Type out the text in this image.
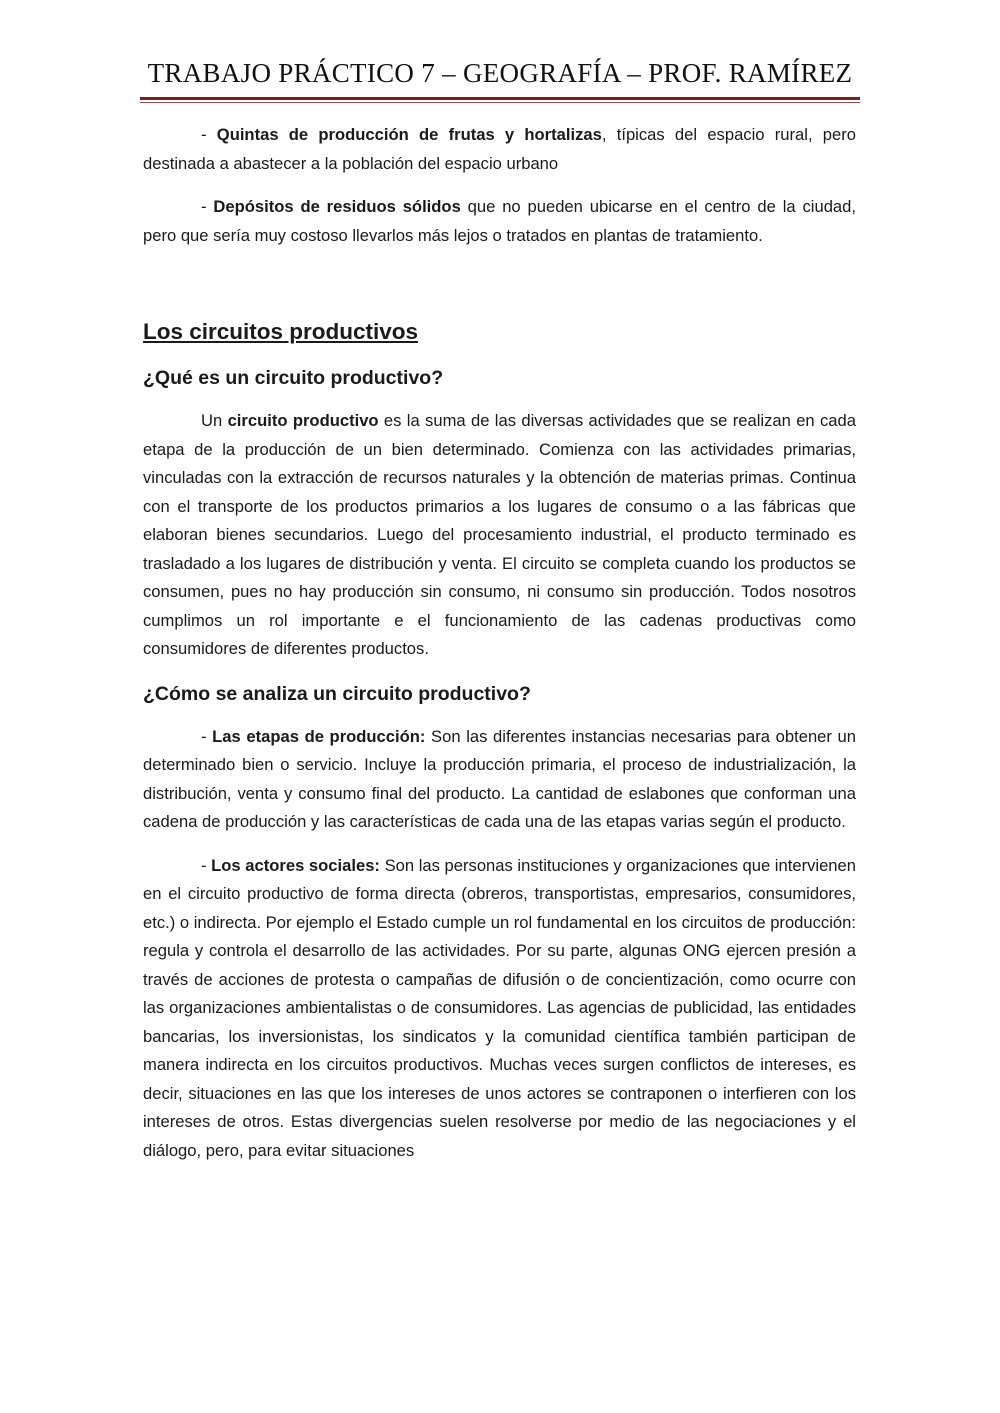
TRABAJO PRÁCTICO 7 – GEOGRAFÍA – PROF. RAMÍREZ

- Quintas de producción de frutas y hortalizas, típicas del espacio rural, pero destinada a abastecer a la población del espacio urbano

- Depósitos de residuos sólidos que no pueden ubicarse en el centro de la ciudad, pero que sería muy costoso llevarlos más lejos o tratados en plantas de tratamiento.

Los circuitos productivos
¿Qué es un circuito productivo?

Un circuito productivo es la suma de las diversas actividades que se realizan en cada etapa de la producción de un bien determinado. Comienza con las actividades primarias, vinculadas con la extracción de recursos naturales y la obtención de materias primas. Continua con el transporte de los productos primarios a los lugares de consumo o a las fábricas que elaboran bienes secundarios. Luego del procesamiento industrial, el producto terminado es trasladado a los lugares de distribución y venta. El circuito se completa cuando los productos se consumen, pues no hay producción sin consumo, ni consumo sin producción. Todos nosotros cumplimos un rol importante e el funcionamiento de las cadenas productivas como consumidores de diferentes productos.

¿Cómo se analiza un circuito productivo?

- Las etapas de producción: Son las diferentes instancias necesarias para obtener un determinado bien o servicio. Incluye la producción primaria, el proceso de industrialización, la distribución, venta y consumo final del producto. La cantidad de eslabones que conforman una cadena de producción y las características de cada una de las etapas varias según el producto.

- Los actores sociales: Son las personas instituciones y organizaciones que intervienen en el circuito productivo de forma directa (obreros, transportistas, empresarios, consumidores, etc.) o indirecta. Por ejemplo el Estado cumple un rol fundamental en los circuitos de producción: regula y controla el desarrollo de las actividades. Por su parte, algunas ONG ejercen presión a través de acciones de protesta o campañas de difusión o de concientización, como ocurre con las organizaciones ambientalistas o de consumidores. Las agencias de publicidad, las entidades bancarias, los inversionistas, los sindicatos y la comunidad científica también participan de manera indirecta en los circuitos productivos. Muchas veces surgen conflictos de intereses, es decir, situaciones en las que los intereses de unos actores se contraponen o interfieren con los intereses de otros. Estas divergencias suelen resolverse por medio de las negociaciones y el diálogo, pero, para evitar situaciones
